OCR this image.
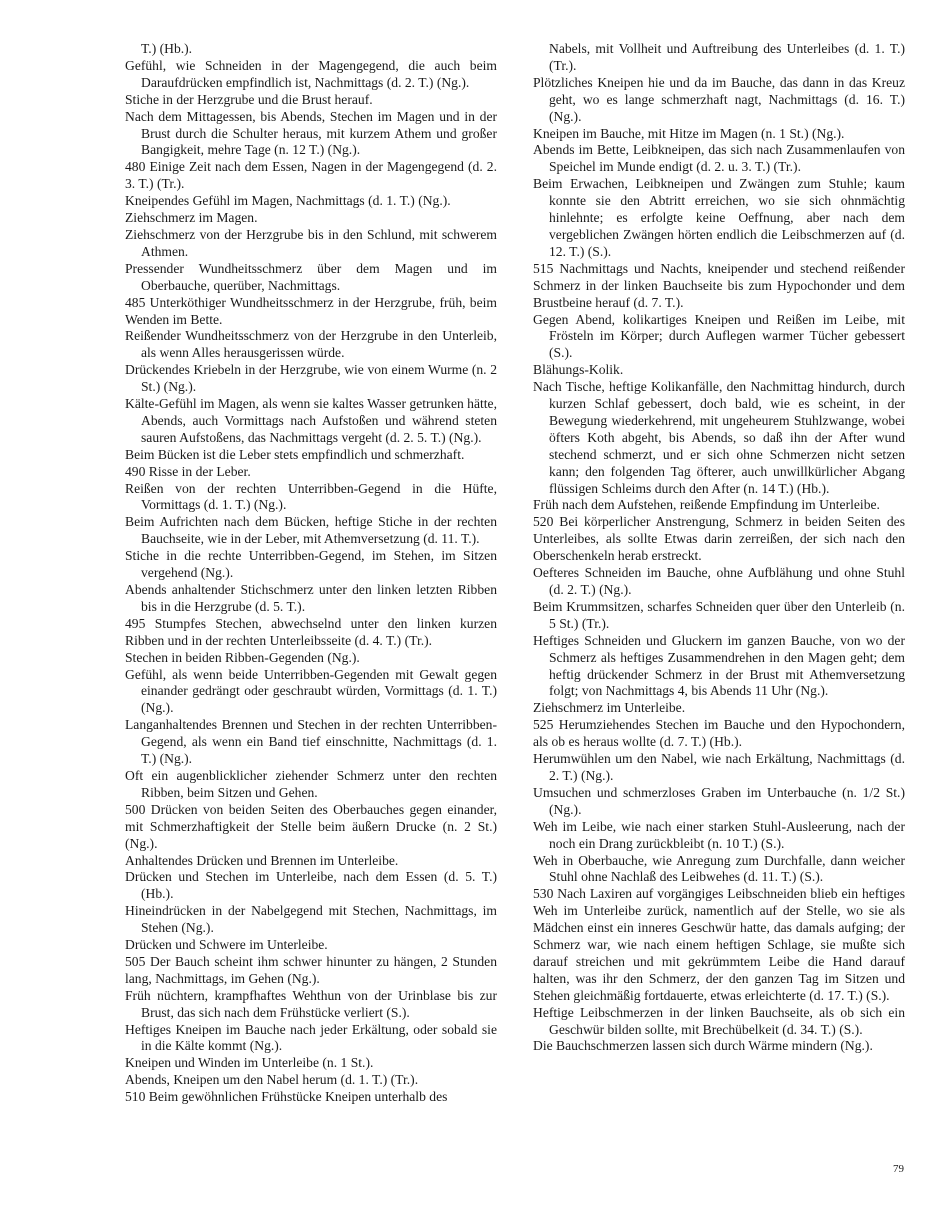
T.) (Hb.).
Gefühl, wie Schneiden in der Magengegend, die auch beim Daraufdrücken empfindlich ist, Nachmittags (d. 2. T.) (Ng.).
Stiche in der Herzgrube und die Brust herauf.
Nach dem Mittagessen, bis Abends, Stechen im Magen und in der Brust durch die Schulter heraus, mit kurzem Athem und großer Bangigkeit, mehre Tage (n. 12 T.) (Ng.).
480 Einige Zeit nach dem Essen, Nagen in der Magengegend (d. 2. 3. T.) (Tr.).
Kneipendes Gefühl im Magen, Nachmittags (d. 1. T.) (Ng.).
Ziehschmerz im Magen.
Ziehschmerz von der Herzgrube bis in den Schlund, mit schwerem Athmen.
Pressender Wundheitsschmerz über dem Magen und im Oberbauche, querüber, Nachmittags.
485 Unterköthiger Wundheitsschmerz in der Herzgrube, früh, beim Wenden im Bette.
Reißender Wundheitsschmerz von der Herzgrube in den Unterleib, als wenn Alles herausgerissen würde.
Drückendes Kriebeln in der Herzgrube, wie von einem Wurme (n. 2 St.) (Ng.).
Kälte-Gefühl im Magen, als wenn sie kaltes Wasser getrunken hätte, Abends, auch Vormittags nach Aufstoßen und während steten sauren Aufstoßens, das Nachmittags vergeht (d. 2. 5. T.) (Ng.).
Beim Bücken ist die Leber stets empfindlich und schmerzhaft.
490 Risse in der Leber.
Reißen von der rechten Unterribben-Gegend in die Hüfte, Vormittags (d. 1. T.) (Ng.).
Beim Aufrichten nach dem Bücken, heftige Stiche in der rechten Bauchseite, wie in der Leber, mit Athemversetzung (d. 11. T.).
Stiche in die rechte Unterribben-Gegend, im Stehen, im Sitzen vergehend (Ng.).
Abends anhaltender Stichschmerz unter den linken letzten Ribben bis in die Herzgrube (d. 5. T.).
495 Stumpfes Stechen, abwechselnd unter den linken kurzen Ribben und in der rechten Unterleibsseite (d. 4. T.) (Tr.).
Stechen in beiden Ribben-Gegenden (Ng.).
Gefühl, als wenn beide Unterribben-Gegenden mit Gewalt gegen einander gedrängt oder geschraubt würden, Vormittags (d. 1. T.) (Ng.).
Langanhaltendes Brennen und Stechen in der rechten Unterribben-Gegend, als wenn ein Band tief einschnitte, Nachmittags (d. 1. T.) (Ng.).
Oft ein augenblicklicher ziehender Schmerz unter den rechten Ribben, beim Sitzen und Gehen.
500 Drücken von beiden Seiten des Oberbauches gegen einander, mit Schmerzhaftigkeit der Stelle beim äußern Drucke (n. 2 St.) (Ng.).
Anhaltendes Drücken und Brennen im Unterleibe.
Drücken und Stechen im Unterleibe, nach dem Essen (d. 5. T.) (Hb.).
Hineindrücken in der Nabelgegend mit Stechen, Nachmittags, im Stehen (Ng.).
Drücken und Schwere im Unterleibe.
505 Der Bauch scheint ihm schwer hinunter zu hängen, 2 Stunden lang, Nachmittags, im Gehen (Ng.).
Früh nüchtern, krampfhaftes Wehthun von der Urinblase bis zur Brust, das sich nach dem Frühstücke verliert (S.).
Heftiges Kneipen im Bauche nach jeder Erkältung, oder sobald sie in die Kälte kommt (Ng.).
Kneipen und Winden im Unterleibe (n. 1 St.).
Abends, Kneipen um den Nabel herum (d. 1. T.) (Tr.).
510 Beim gewöhnlichen Frühstücke Kneipen unterhalb des
Nabels, mit Vollheit und Auftreibung des Unterleibes (d. 1. T.) (Tr.).
Plötzliches Kneipen hie und da im Bauche, das dann in das Kreuz geht, wo es lange schmerzhaft nagt, Nachmittags (d. 16. T.) (Ng.).
Kneipen im Bauche, mit Hitze im Magen (n. 1 St.) (Ng.).
Abends im Bette, Leibkneipen, das sich nach Zusammenlaufen von Speichel im Munde endigt (d. 2. u. 3. T.) (Tr.).
Beim Erwachen, Leibkneipen und Zwängen zum Stuhle; kaum konnte sie den Abtritt erreichen, wo sie sich ohnmächtig hinlehnte; es erfolgte keine Oeffnung, aber nach dem vergeblichen Zwängen hörten endlich die Leibschmerzen auf (d. 12. T.) (S.).
515 Nachmittags und Nachts, kneipender und stechend reißender Schmerz in der linken Bauchseite bis zum Hypochonder und dem Brustbeine herauf (d. 7. T.).
Gegen Abend, kolikartiges Kneipen und Reißen im Leibe, mit Frösteln im Körper; durch Auflegen warmer Tücher gebessert (S.).
Blähungs-Kolik.
Nach Tische, heftige Kolikanfälle, den Nachmittag hindurch, durch kurzen Schlaf gebessert, doch bald, wie es scheint, in der Bewegung wiederkehrend, mit ungeheurem Stuhlzwange, wobei öfters Koth abgeht, bis Abends, so daß ihn der After wund stechend schmerzt, und er sich ohne Schmerzen nicht setzen kann; den folgenden Tag öfterer, auch unwillkürlicher Abgang flüssigen Schleims durch den After (n. 14 T.) (Hb.).
Früh nach dem Aufstehen, reißende Empfindung im Unterleibe.
520 Bei körperlicher Anstrengung, Schmerz in beiden Seiten des Unterleibes, als sollte Etwas darin zerreißen, der sich nach den Oberschenkeln herab erstreckt.
Oefteres Schneiden im Bauche, ohne Aufblähung und ohne Stuhl (d. 2. T.) (Ng.).
Beim Krummsitzen, scharfes Schneiden quer über den Unterleib (n. 5 St.) (Tr.).
Heftiges Schneiden und Gluckern im ganzen Bauche, von wo der Schmerz als heftiges Zusammendrehen in den Magen geht; dem heftig drückender Schmerz in der Brust mit Athemversetzung folgt; von Nachmittags 4, bis Abends 11 Uhr (Ng.).
Ziehschmerz im Unterleibe.
525 Herumziehendes Stechen im Bauche und den Hypochondern, als ob es heraus wollte (d. 7. T.) (Hb.).
Herumwühlen um den Nabel, wie nach Erkältung, Nachmittags (d. 2. T.) (Ng.).
Umsuchen und schmerzloses Graben im Unterbauche (n. 1/2 St.) (Ng.).
Weh im Leibe, wie nach einer starken Stuhl-Ausleerung, nach der noch ein Drang zurückbleibt (n. 10 T.) (S.).
Weh in Oberbauche, wie Anregung zum Durchfalle, dann weicher Stuhl ohne Nachlaß des Leibwehes (d. 11. T.) (S.).
530 Nach Laxiren auf vorgängiges Leibschneiden blieb ein heftiges Weh im Unterleibe zurück, namentlich auf der Stelle, wo sie als Mädchen einst ein inneres Geschwür hatte, das damals aufging; der Schmerz war, wie nach einem heftigen Schlage, sie mußte sich darauf streichen und mit gekrümmtem Leibe die Hand darauf halten, was ihr den Schmerz, der den ganzen Tag im Sitzen und Stehen gleichmäßig fortdauerte, etwas erleichterte (d. 17. T.) (S.).
Heftige Leibschmerzen in der linken Bauchseite, als ob sich ein Geschwür bilden sollte, mit Brechübelkeit (d. 34. T.) (S.).
Die Bauchschmerzen lassen sich durch Wärme mindern (Ng.).
79
